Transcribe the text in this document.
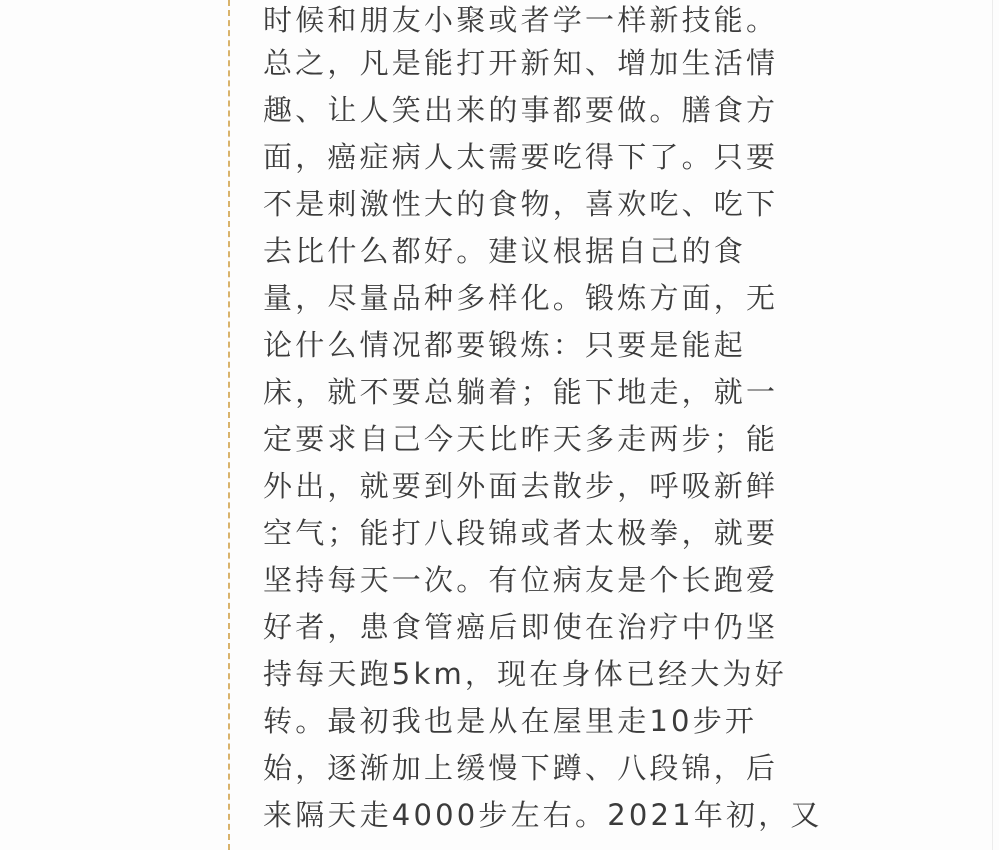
时候和朋友小聚或者学一样新技能。
总之，凡是能打开新知、增加生活情
趣、让人笑出来的事都要做。膳食方
面，癌症病人太需要吃得下了。只要
不是刺激性大的食物，喜欢吃、吃下
去比什么都好。建议根据自己的食
量，尽量品种多样化。锻炼方面，无
论什么情况都要锻炼：只要是能起
床，就不要总躺着；能下地走，就一
定要求自己今天比昨天多走两步；能
外出，就要到外面去散步，呼吸新鲜
空气；能打八段锦或者太极拳，就要
坚持每天一次。有位病友是个长跑爱
好者，患食管癌后即使在治疗中仍坚
持每天跑5km，现在身体已经大为好
转。最初我也是从在屋里走10步开
始，逐渐加上缓慢下蹲、八段锦，后
来隔天走4000步左右。2021年初，又
